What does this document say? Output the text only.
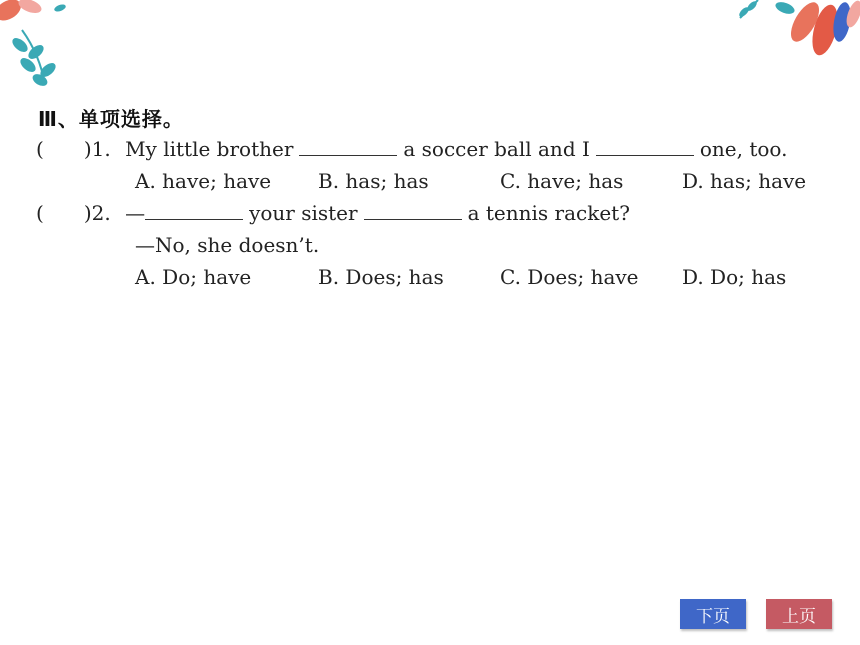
Ⅲ、单项选择。
( )1. My little brother	a soccer ball and I	one, too.
A. have; have B. has; has	C. have; has	D. has; have
( )2. —	your sister	a tennis racket?
—No, she doesn’t.
A. Do; have	B. Does; has	C. Does; have D. Do; has
下页	上页
